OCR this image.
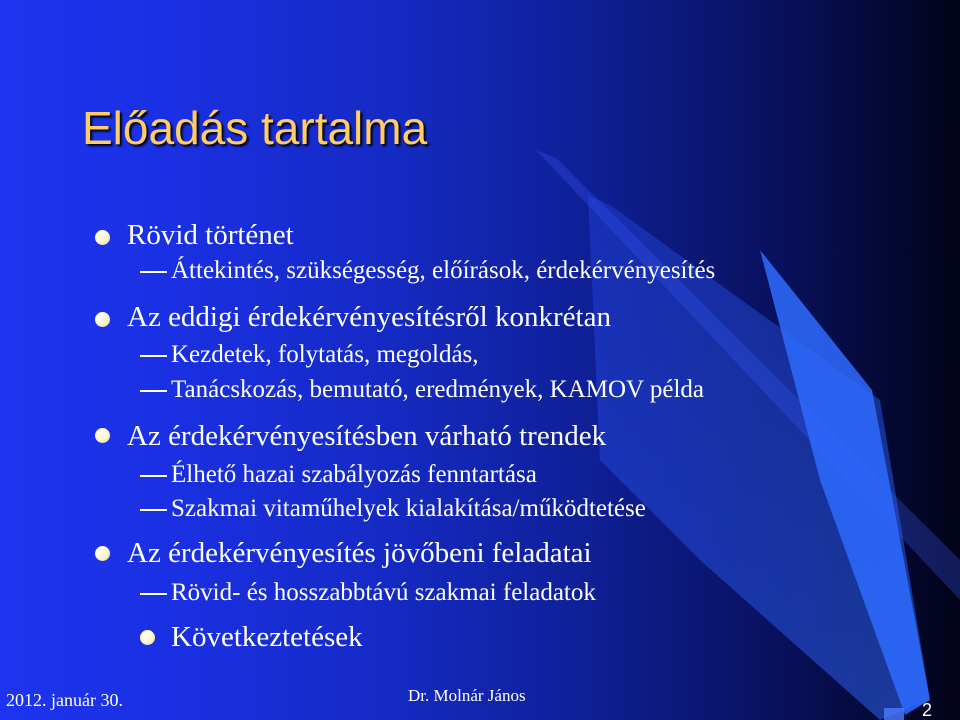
Előadás tartalma
Rövid történet
Áttekintés, szükségesség, előírások, érdekérvényesítés
Az eddigi érdekérvényesítésről konkrétan
Kezdetek, folytatás, megoldás,
Tanácskozás, bemutató, eredmények, KAMOV példa
Az érdekérvényesítésben várható trendek
Élhető hazai szabályozás fenntartása
Szakmai vitaműhelyek kialakítása/működtetése
Az érdekérvényesítés jövőbeni feladatai
Rövid- és hosszabbtávú szakmai feladatok
Következtetések
2012. január 30.	Dr. Molnár János
2
